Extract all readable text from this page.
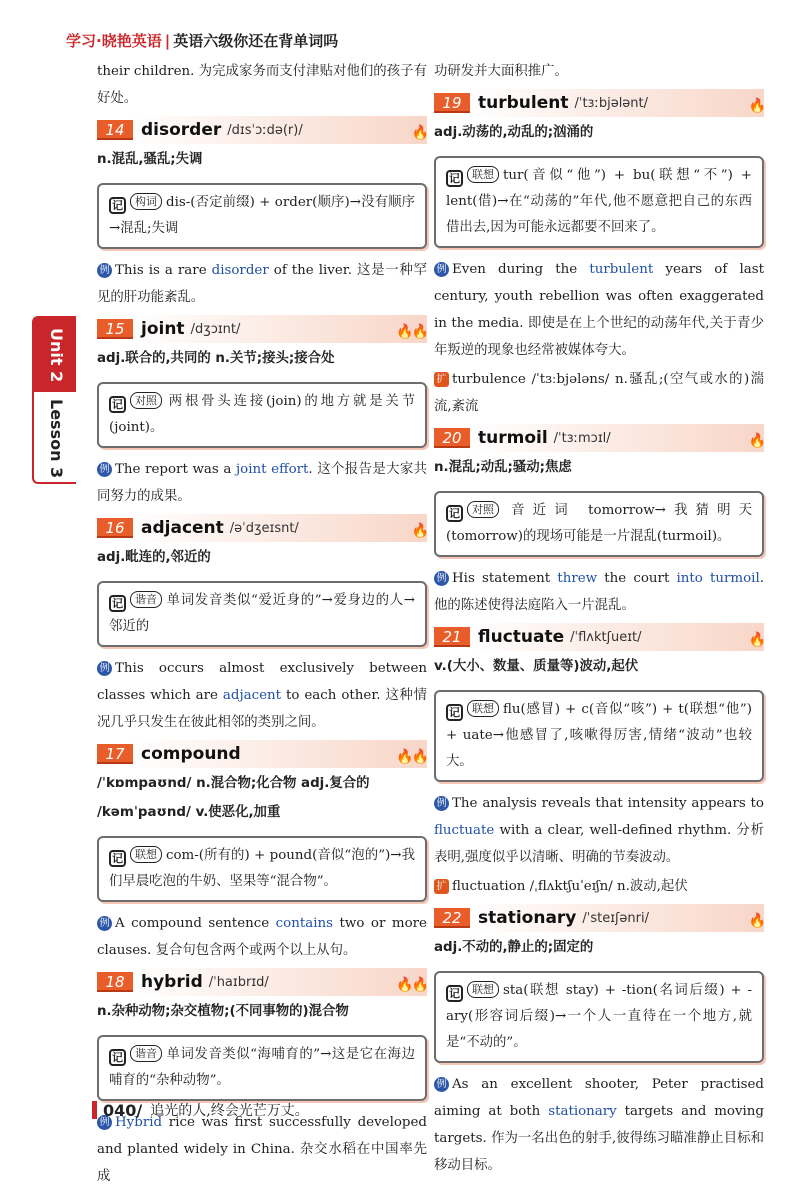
学习·晓艳英语 | 英语六级你还在背单词吗
Unit 2
Lesson 3
their children. 为完成家务而支付津贴对他们的孩子有好处。
14 disorder /dɪsˈɔːdə(r)/	🔥
n.混乱,骚乱;失调
记 构词 dis-(否定前缀) + order(顺序)→没有顺序→混乱;失调
例 This is a rare disorder of the liver. 这是一种罕见的肝功能紊乱。
15 joint /dʒɔɪnt/	🔥🔥
adj.联合的,共同的 n.关节;接头;接合处
记 对照 两根骨头连接(join)的地方就是关节(joint)。
例 The report was a joint effort. 这个报告是大家共同努力的成果。
16 adjacent /əˈdʒeɪsnt/	🔥
adj.毗连的,邻近的
记 谐音 单词发音类似“爱近身的”→爱身边的人→邻近的
例 This occurs almost exclusively between classes which are adjacent to each other. 这种情况几乎只发生在彼此相邻的类别之间。
17 compound	🔥🔥
/ˈkɒmpaʊnd/ n.混合物;化合物 adj.复合的
/kəmˈpaʊnd/ v.使恶化,加重
记 联想 com-(所有的) + pound(音似“泡的”)→我们早晨吃泡的牛奶、坚果等“混合物”。
例 A compound sentence contains two or more clauses. 复合句包含两个或两个以上从句。
18 hybrid /ˈhaɪbrɪd/	🔥🔥
n.杂种动物;杂交植物;(不同事物的)混合物
记 谐音 单词发音类似“海哺育的”→这是它在海边哺育的“杂种动物”。
例 Hybrid rice was first successfully developed and planted widely in China. 杂交水稻在中国率先成
功研发并大面积推广。
19 turbulent /ˈtɜːbjələnt/	🔥
adj.动荡的,动乱的;汹涌的
记 联想 tur(音似“他”) + bu(联想“不”) + lent(借)→在“动荡的”年代,他不愿意把自己的东西借出去,因为可能永远都要不回来了。
例 Even during the turbulent years of last century, youth rebellion was often exaggerated in the media. 即使是在上个世纪的动荡年代,关于青少年叛逆的现象也经常被媒体夸大。
扩 turbulence /ˈtɜːbjələns/ n.骚乱;(空气或水的)湍流,紊流
20 turmoil /ˈtɜːmɔɪl/	🔥
n.混乱;动乱;骚动;焦虑
记 对照 音近词 tomorrow→我猜明天(tomorrow)的现场可能是一片混乱(turmoil)。
例 His statement threw the court into turmoil. 他的陈述使得法庭陷入一片混乱。
21 fluctuate /ˈflʌktʃueɪt/	🔥
v.(大小、数量、质量等)波动,起伏
记 联想 flu(感冒) + c(音似“咳”) + t(联想“他”) + uate→他感冒了,咳嗽得厉害,情绪“波动”也较大。
例 The analysis reveals that intensity appears to fluctuate with a clear, well-defined rhythm. 分析表明,强度似乎以清晰、明确的节奏波动。
扩 fluctuation /ˌflʌktʃuˈeɪʃn/ n.波动,起伏
22 stationary /ˈsteɪʃənri/	🔥
adj.不动的,静止的;固定的
记 联想 sta(联想 stay) + -tion(名词后缀) + -ary(形容词后缀)→一个人一直待在一个地方,就是“不动的”。
例 As an excellent shooter, Peter practised aiming at both stationary targets and moving targets. 作为一名出色的射手,彼得练习瞄准静止目标和移动目标。
040/ 追光的人,终会光芒万丈。
